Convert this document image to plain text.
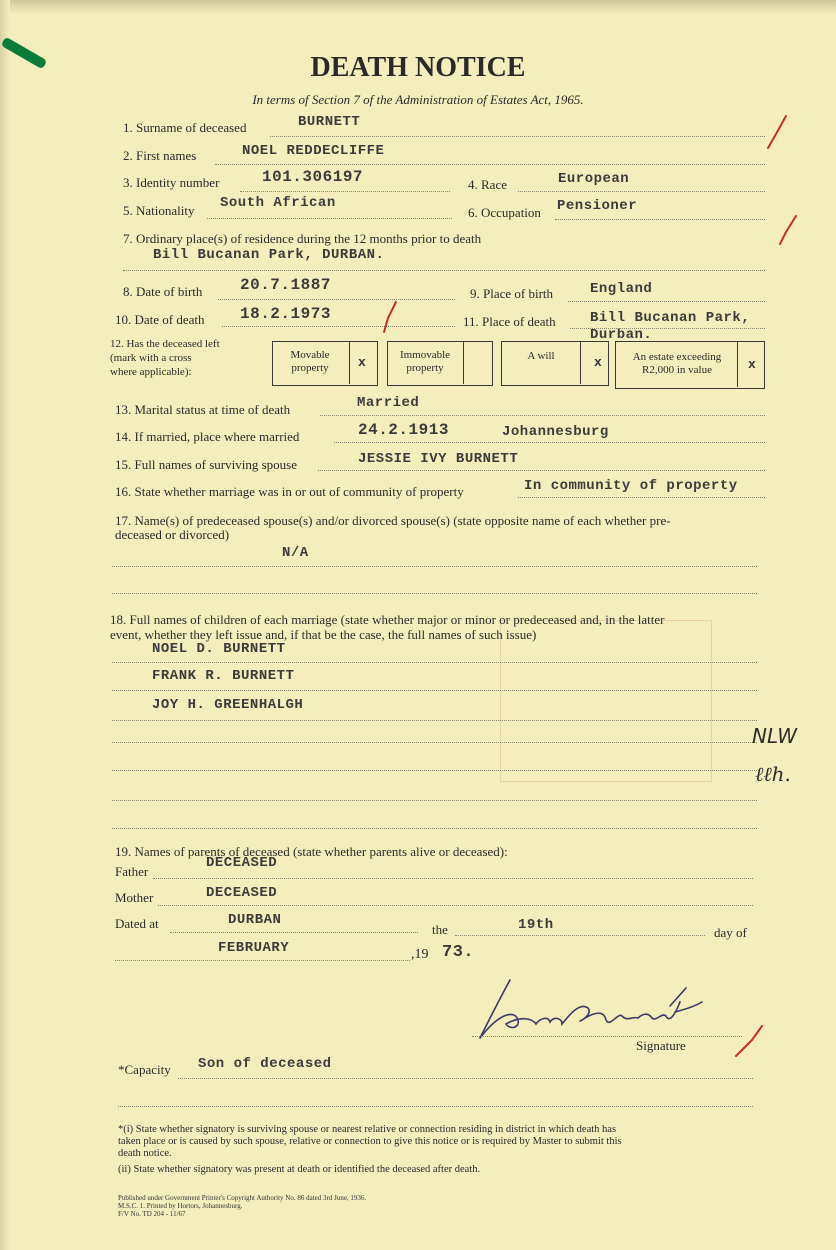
DEATH NOTICE
In terms of Section 7 of the Administration of Estates Act, 1965.
1. Surname of deceased	BURNETT
2. First names	NOEL REDDECLIFFE
3. Identity number	101.306197	4. Race	European
5. Nationality South African
6. Occupation Pensioner
7. Ordinary place(s) of residence during the 12 months prior to death
Bill Bucanan Park, DURBAN.
8. Date of birth 20.7.1887	9. Place of birth	England
10. Date of death 18.2.1973	11. Place of death Bill Bucanan Park,
Durban.
12. Has the deceased left
(mark with a cross
where applicable):
Movable
property	x	Immovable
property
A will	x	An estate exceeding
R2,000 in value	x
13. Marital status at time of death	Married
14. If married, place where married	24.2.1913	Johannesburg
15. Full names of surviving spouse	JESSIE IVY BURNETT
16. State whether marriage was in or out of community of property	In community of property
17. Name(s) of predeceased spouse(s) and/or divorced spouse(s) (state opposite name of each whether pre-
deceased or divorced)
N/A
18. Full names of children of each marriage (state whether major or minor or predeceased and, in the latter
event, whether they left issue and, if that be the case, the full names of such issue)
NOEL D. BURNETT
FRANK R. BURNETT
JOY H. GREENHALGH
19. Names of parents of deceased (state whether parents alive or deceased):
Father
DECEASED
Mother	DECEASED
Dated at	DURBAN
the	19th	day of
FEBRUARY	,19 73.
Signature
*Capacity Son of deceased
*(i) State whether signatory is surviving spouse or nearest relative or connection residing in district in which death has
taken place or is caused by such spouse, relative or connection to give this notice or is required by Master to submit this
death notice.
(ii) State whether signatory was present at death or identified the deceased after death.
Published under Government Printer's Copyright Authority No. 86 dated 3rd June, 1936.
M.S.C. 1. Printed by Hortors, Johannesburg.
F/V No. TD 204 - 11/67
NLW
ℓℓh.
